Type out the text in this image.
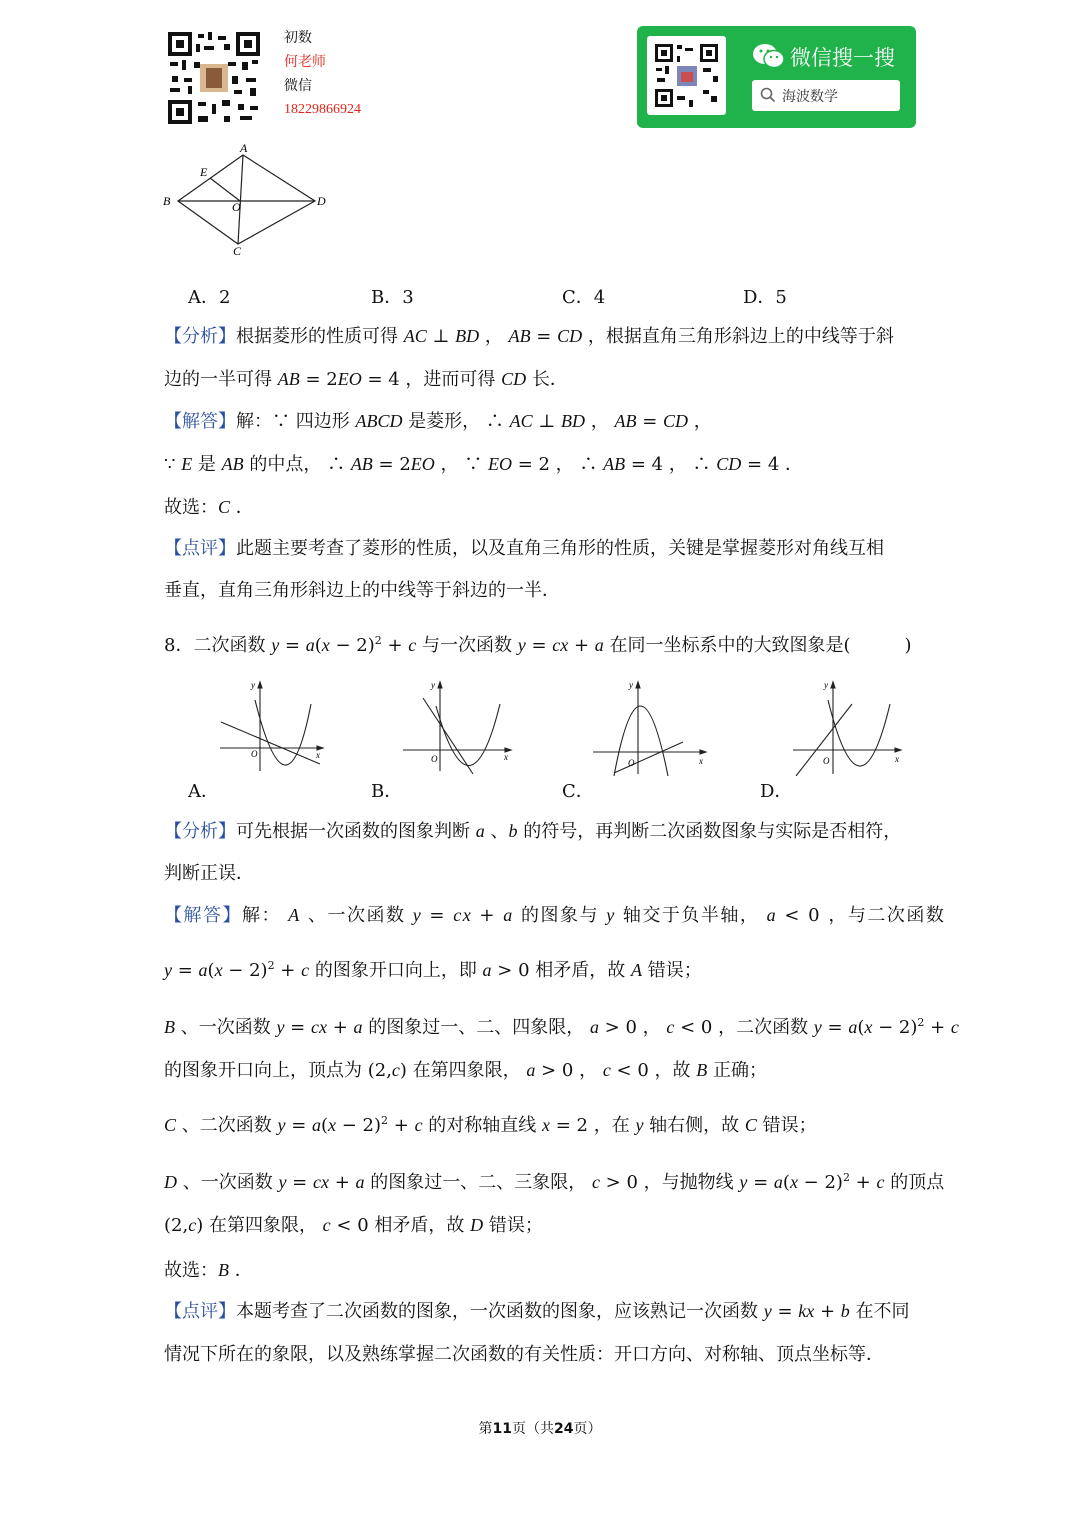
初数
何老师
微信
18229866924
微信搜一搜
海波数学
A
E
B	O	D
C
A．2	B．3	C．4	D．5
【分析】根据菱形的性质可得 AC ⊥ BD ， AB = CD ，根据直角三角形斜边上的中线等于斜
边的一半可得 AB = 2EO = 4 ，进而可得 CD 长．
【解答】解：∵ 四边形 ABCD 是菱形， ∴ AC ⊥ BD ， AB = CD ，
∵ E 是 AB 的中点， ∴ AB = 2EO ， ∵ EO = 2 ， ∴ AB = 4 ， ∴ CD = 4 ．
故选：C ．
【点评】此题主要考查了菱形的性质，以及直角三角形的性质，关键是掌握菱形对角线互相
垂直，直角三角形斜边上的中线等于斜边的一半．
8．二次函数 $y = a(x - 2)^2 + c$ 与一次函数 y = cx + a 在同一坐标系中的大致图象是(　　　)
y
x
O
y
x
O
y
x
O
y
x
O
A．	B．	C．	D．
【分析】可先根据一次函数的图象判断 a 、b 的符号，再判断二次函数图象与实际是否相符，
判断正误．
【解答】解： A 、一次函数 y = cx + a 的图象与 y 轴交于负半轴， a < 0 ，与二次函数
$y = a(x - 2)^2 + c$ 的图象开口向上，即 a > 0 相矛盾，故 A 错误；
B 、一次函数 y = cx + a 的图象过一、二、四象限， a > 0 ， c < 0 ，二次函数 $y = a(x - 2)^2 + c$
的图象开口向上，顶点为 (2,c) 在第四象限， a > 0 ， c < 0 ，故 B 正确；
C 、二次函数 $y = a(x - 2)^2 + c$ 的对称轴直线 x = 2 ，在 y 轴右侧，故 C 错误；
D 、一次函数 y = cx + a 的图象过一、二、三象限， c > 0 ，与抛物线 $y = a(x - 2)^2 + c$ 的顶点
(2,c) 在第四象限， c < 0 相矛盾，故 D 错误；
故选：B ．
【点评】本题考查了二次函数的图象，一次函数的图象，应该熟记一次函数 y = kx + b 在不同
情况下所在的象限，以及熟练掌握二次函数的有关性质：开口方向、对称轴、顶点坐标等．
第11页（共24页）
